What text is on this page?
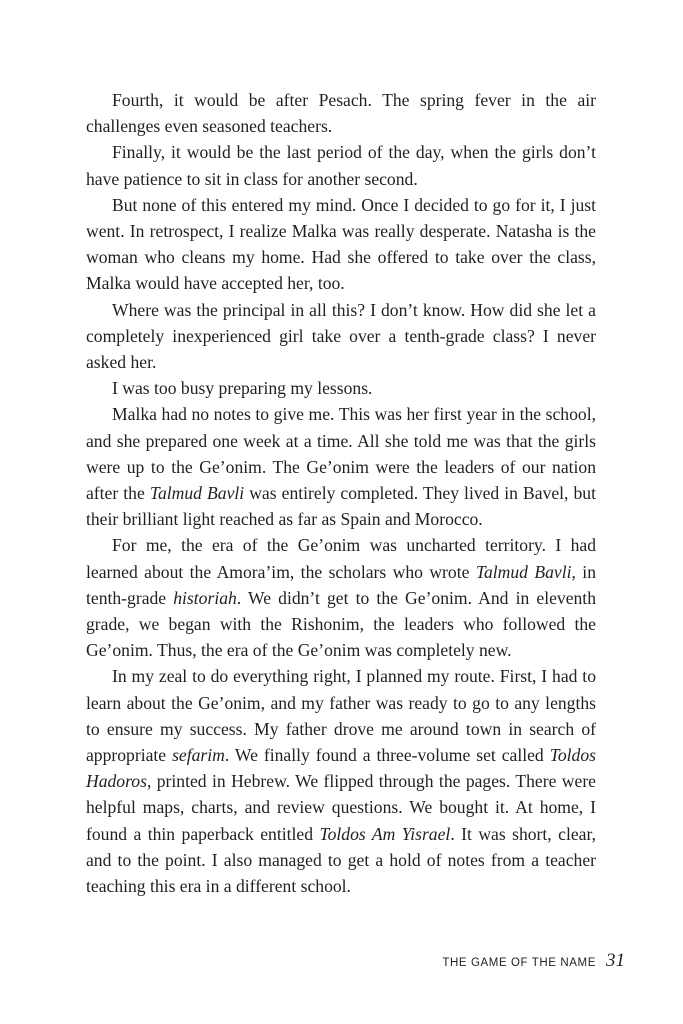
Fourth, it would be after Pesach. The spring fever in the air challenges even seasoned teachers.

Finally, it would be the last period of the day, when the girls don’t have patience to sit in class for another second.

But none of this entered my mind. Once I decided to go for it, I just went. In retrospect, I realize Malka was really desperate. Natasha is the woman who cleans my home. Had she offered to take over the class, Malka would have accepted her, too.

Where was the principal in all this? I don’t know. How did she let a completely inexperienced girl take over a tenth-grade class? I never asked her.

I was too busy preparing my lessons.

Malka had no notes to give me. This was her first year in the school, and she prepared one week at a time. All she told me was that the girls were up to the Ge’onim. The Ge’onim were the leaders of our nation after the Talmud Bavli was entirely completed. They lived in Bavel, but their brilliant light reached as far as Spain and Morocco.

For me, the era of the Ge’onim was uncharted territory. I had learned about the Amora’im, the scholars who wrote Talmud Bavli, in tenth-grade historiah. We didn’t get to the Ge’onim. And in eleventh grade, we began with the Rishonim, the leaders who followed the Ge’onim. Thus, the era of the Ge’onim was completely new.

In my zeal to do everything right, I planned my route. First, I had to learn about the Ge’onim, and my father was ready to go to any lengths to ensure my success. My father drove me around town in search of appropriate sefarim. We finally found a three-volume set called Toldos Hadoros, printed in Hebrew. We flipped through the pages. There were helpful maps, charts, and review questions. We bought it. At home, I found a thin paperback entitled Toldos Am Yisrael. It was short, clear, and to the point. I also managed to get a hold of notes from a teacher teaching this era in a different school.

THE GAME OF THE NAME 31
